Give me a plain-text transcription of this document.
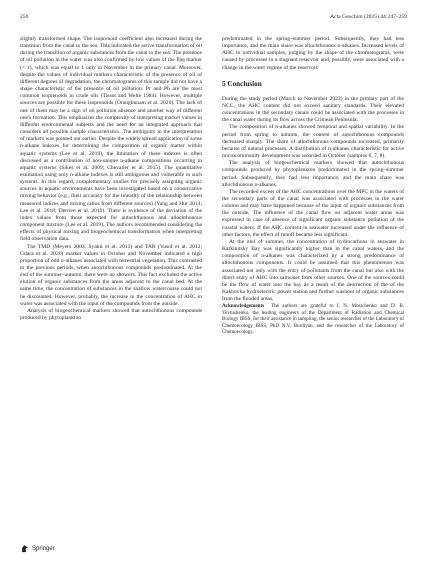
256	Acta Geochim (2025) 44:247–259

slightly transformed shape. The isoprenoid coefficient also increased during the transition from the canal to the sea. This indicated the active transformation of oil during the transition of organic substances from the canal to the sea. The presence of oil pollution in the water was also confirmed by low values of the Paq marker (< 1), which was equal to 1 only in November in the primary canal. Moreover, despite the values of individual markers characteristic of the presence of oil of different degrees of degradation, the chromatograms of this sample did not have a shape characteristic of the presence of oil pollution. Pr and Ph are the most common isoprenoids in crude oils (Tissot and Welte 1984). However, multiple sources are possible for these isoprenoids (Orangbunam et al. 2020). The lack of one of them may be a sign of oil pollution absence and another way of different one's formation. This emphasizes the complexity of interpreting marker values in different environmental subjects and the need for an integrated approach that considers all possible sample characteristics. The ambiguity in the interpretation of markers was pointed out earlier. Despite the widely spread application of some n-alkane indexes for determining the composition of organic matter within aquatic systems (Lee et al. 2019), the limitation of these indexes is often discussed as a contribution of non-unique n-alkane compositions occurring in aquatic systems (Sikes et al. 2009; Chevalier et al. 2015). The quantitative estimation using only n-alkane indexes is still ambiguous and vulnerable in such systems. In this regard, complementary studies for precisely assigning organic sources in aquatic environments have been investigated based on a conservative mixing behavior (e.g., their accuracy for the linearity of the relationship between measured indices and mixing ratios from different sources) (Yang and Hur 2014; Lee et al. 2018; Derrien et al. 2019). There is evidence of the deviation of the index values from those expected for autochthonous and allochthonous component mixture (Lee et al. 2019). The authors recommended considering the effects of physical mixing and biogeochemical transformation when interpreting field observation data.

The TMD (Meyers 2003; Syakti et al. 2013) and TAR (Yusof et al. 2012; Gdara et al. 2020) marker values in October and November indicated a high proportion of odd n-alkanes associated with terrestrial vegetation. This contrasted to the previous periods, when autochthonous compounds predominated. At the end of the summer–autumn, there were no showers. This fact excluded the active elution of organic substances from the areas adjacent to the canal bed. At the same time, the concentration of substances in the shallow watercourse could not be discounted. However, probably, the increase in the concentration of AHC in water was associated with the input of the compounds from the outside.

Analysis of biogeochemical markers showed that autochthonous compounds produced by phytoplankton

predominated in the spring–summer period. Subsequently, they had less importance, and the main share was allochthonous n-alkanes. Increased levels of AHC in individual samples, judging by the shape of the chromatograms, were caused by processes in a stagnant reservoir and, possibly, were associated with a change in the water regime of the reservoir.

5 Conclusion

During the study period (March to November 2023) in the primary part of the NCC, the AHC content did not exceed sanitary standards. Their elevated concentrations in the secondary canals could be associated with the processes in the canal water during its flow across the Crimean Peninsula.

The composition of n-alkanes showed temporal and spatial variability. In the period from spring to autumn, the content of autochthonous compounds decreased sharply. The share of allochthonous compounds increased, primarily because of natural processes. A distribution of n-alkanes characteristic for active microcommunity development was recorded in October (samples 6, 7, 8).

The analysis of biogeochemical markers showed that autochthonous compounds produced by phytoplankton predominated in the spring–summer period. Subsequently, they had less importance, and the main share was allochthonous n-alkanes.

The recorded excess of the AHC concentrations over the MPC in the waters of the secondary parts of the canal was associated with processes in the water column and may have happened because of the input of organic substances from the outside. The influence of the canal flow on adjacent water areas was expressed in case of absence of significant organic substance pollution of the coastal waters. If the AHC content in seawater increased under the influence of other factors, the effect of runoff became less significant.

At the end of summer, the concentration of hydrocarbons in seawater in Karkinitsky Bay was significantly higher than in the canal waters, and the composition of n-alkanes was characterized by a strong predominance of allochthonous components. It could be assumed that this phenomenon was associated not only with the entry of pollutants from the canal but also with the direct entry of AHC into saltwater from other sources. One of the sources could be the flow of water into the bay as a result of the destruction of the of the Kakhovka hydroelectric power station and further washout of organic substances from the flooded areas.

Acknowledgements The authors are grateful to I. N. Mosichenko and D. B. Yevtushenko, the leading engineers of the Department of Radiation and Chemical Biology IBSS, for their assistance in sampling, the senior researcher of the Laboratory of Chemoecology IBSS, PhD N.V. Burdiyan, and the researcher of the Laboratory of Chemoecology,

Springer
